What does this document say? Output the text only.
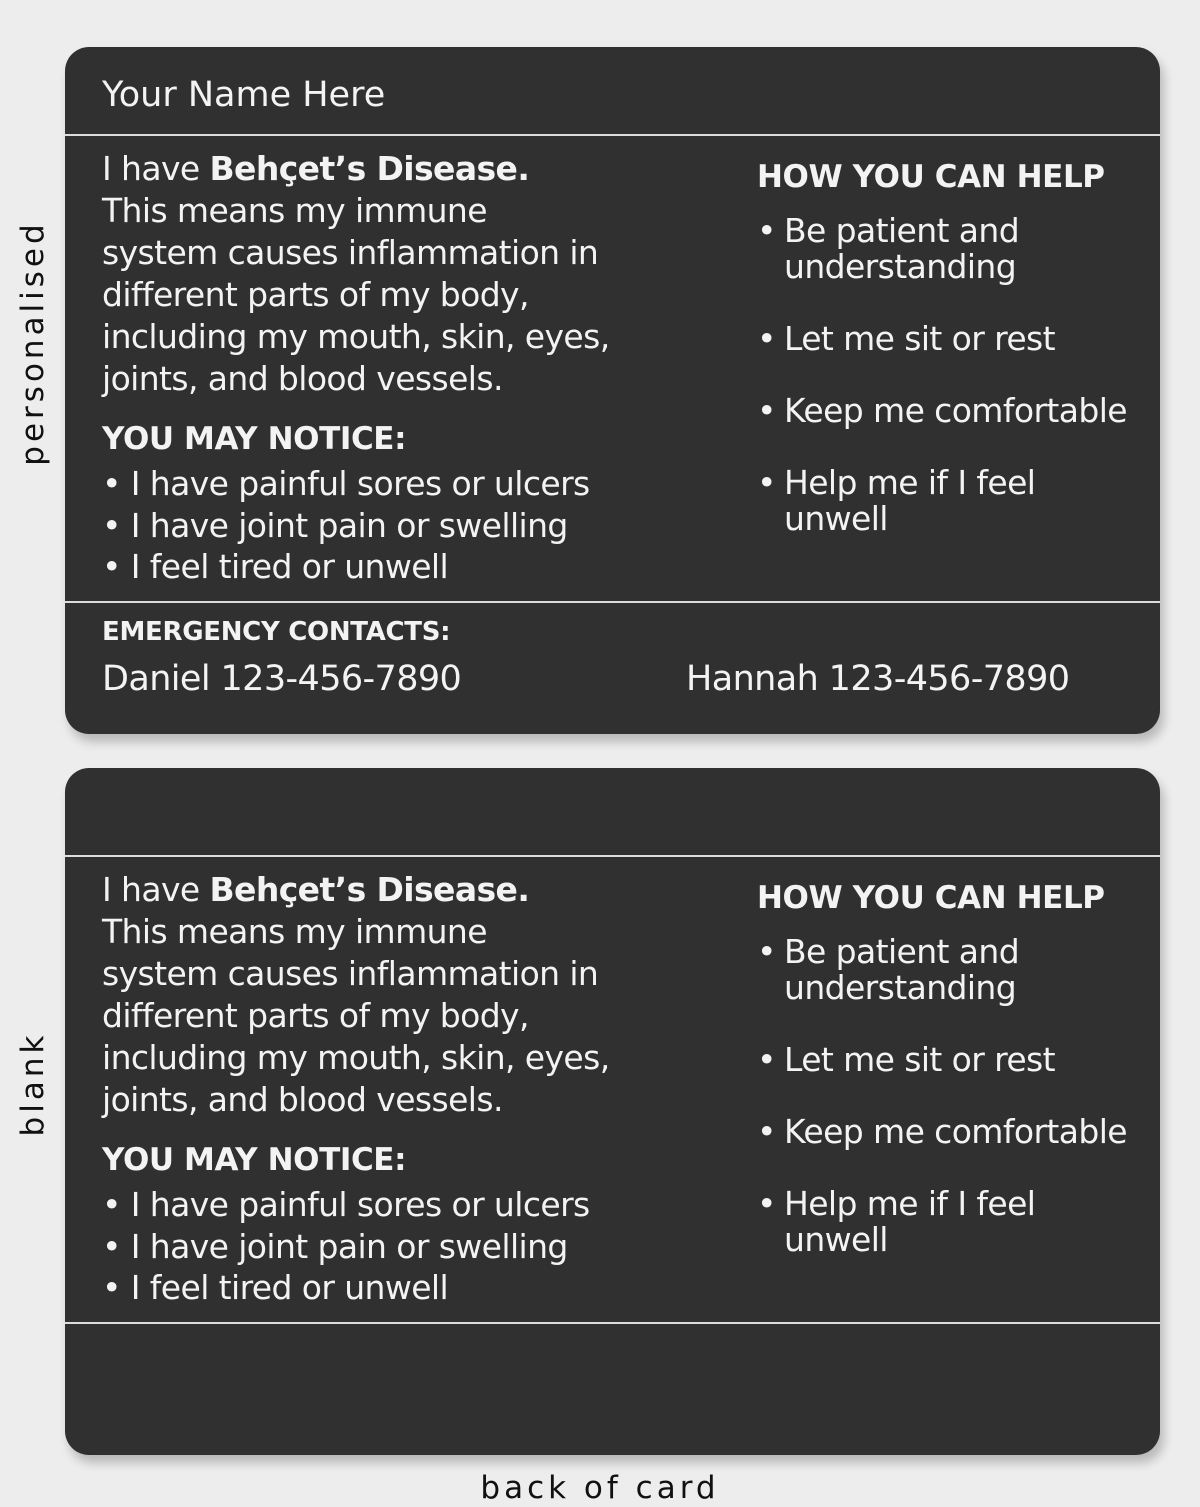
personalised
blank
Your Name Here
I have Behçet’s Disease.
This means my immune
system causes inflammation in
different parts of my body,
including my mouth, skin, eyes,
joints, and blood vessels.
YOU MAY NOTICE:
• I have painful sores or ulcers
• I have joint pain or swelling
• I feel tired or unwell
HOW YOU CAN HELP
• Be patient and understanding
• Let me sit or rest
• Keep me comfortable
• Help me if I feel unwell
EMERGENCY CONTACTS:
Daniel 123-456-7890	Hannah 123-456-7890
I have Behçet’s Disease.
This means my immune
system causes inflammation in
different parts of my body,
including my mouth, skin, eyes,
joints, and blood vessels.
YOU MAY NOTICE:
• I have painful sores or ulcers
• I have joint pain or swelling
• I feel tired or unwell
HOW YOU CAN HELP
• Be patient and understanding
• Let me sit or rest
• Keep me comfortable
• Help me if I feel unwell
back of card
